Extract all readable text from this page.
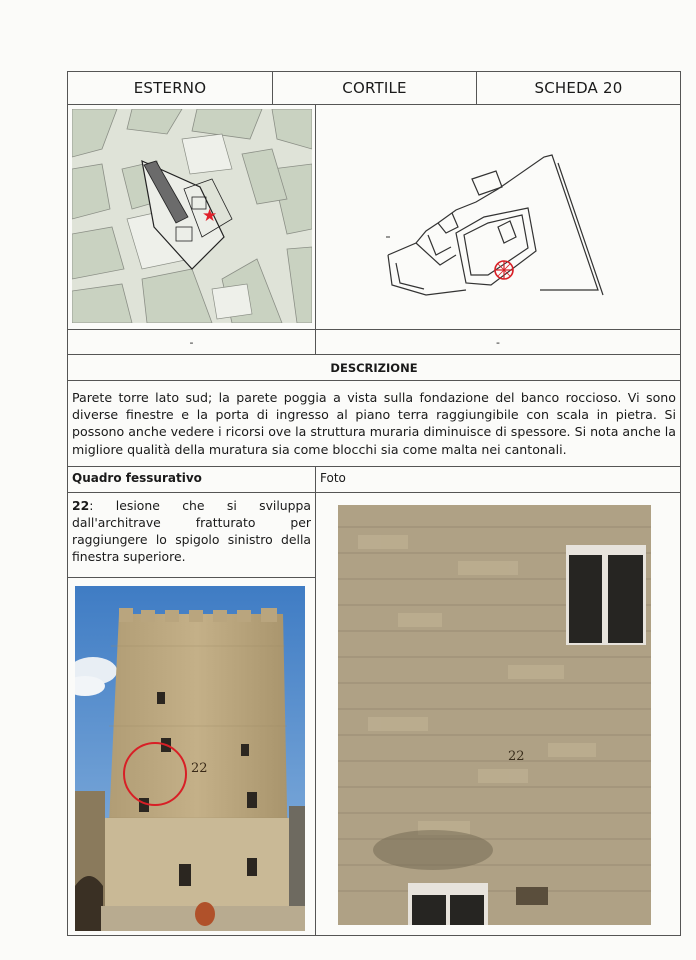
ESTERNO	CORTILE	SCHEDA 20
★
-	-
DESCRIZIONE
Parete torre lato sud; la parete poggia a vista sulla fondazione del banco roccioso. Vi sono diverse finestre e la porta di ingresso al piano terra raggiungibile con scala in pietra. Si possono anche vedere i ricorsi ove la struttura muraria diminuisce di spessore. Si nota anche la migliore qualità della muratura sia come blocchi sia come malta nei cantonali.
Quadro fessurativo	Foto
22: lesione che si sviluppa dall'architrave fratturato per raggiungere lo spigolo sinistro della finestra superiore.
22
22
